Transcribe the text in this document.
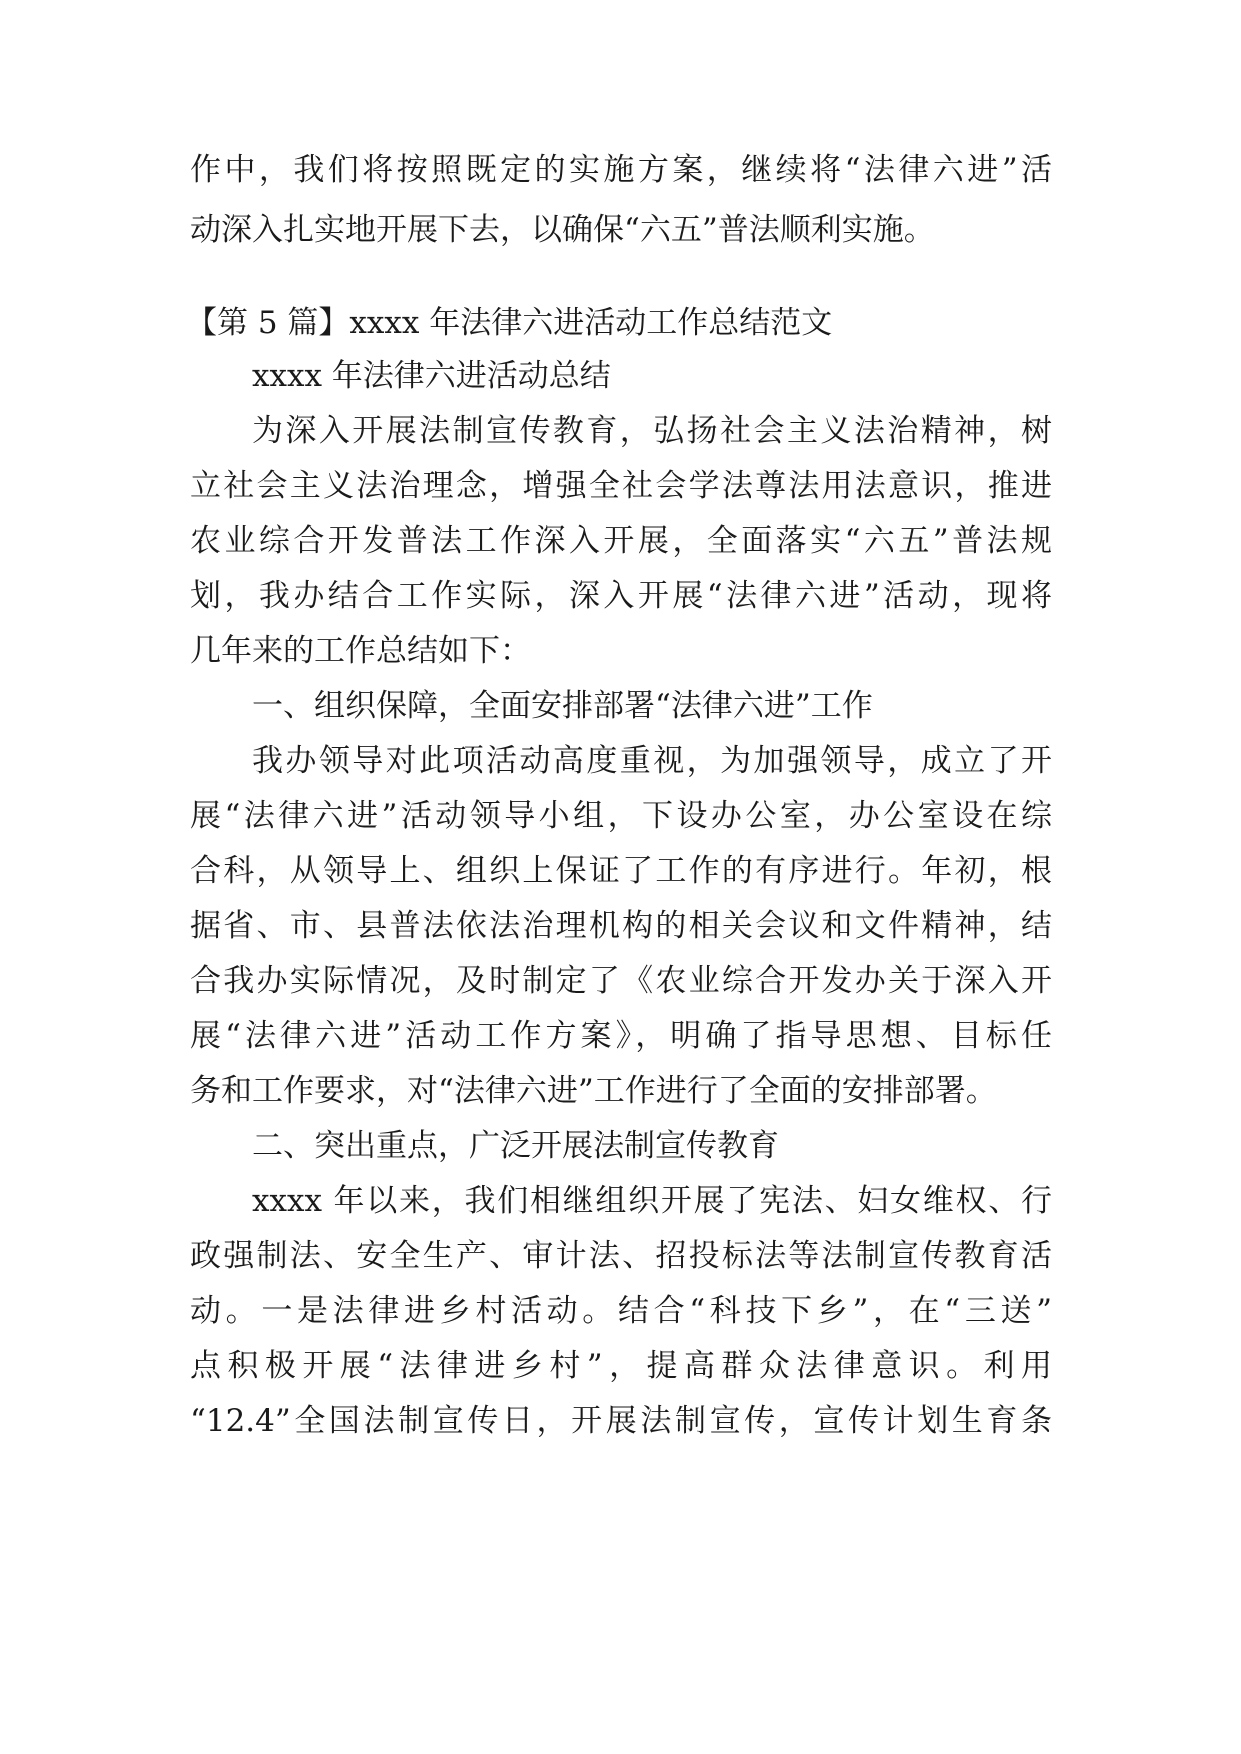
作中，我们将按照既定的实施方案，继续将“法律六进”活
动深入扎实地开展下去，以确保“六五”普法顺利实施。
【第 5 篇】xxxx 年法律六进活动工作总结范文
xxxx 年法律六进活动总结
为深入开展法制宣传教育，弘扬社会主义法治精神，树
立社会主义法治理念，增强全社会学法尊法用法意识，推进
农业综合开发普法工作深入开展，全面落实“六五”普法规
划，我办结合工作实际，深入开展“法律六进”活动，现将
几年来的工作总结如下：
一、组织保障，全面安排部署“法律六进”工作
我办领导对此项活动高度重视，为加强领导，成立了开
展“法律六进”活动领导小组，下设办公室，办公室设在综
合科，从领导上、组织上保证了工作的有序进行。年初，根
据省、市、县普法依法治理机构的相关会议和文件精神，结
合我办实际情况，及时制定了《农业综合开发办关于深入开
展“法律六进”活动工作方案》，明确了指导思想、目标任
务和工作要求，对“法律六进”工作进行了全面的安排部署。
二、突出重点，广泛开展法制宣传教育
xxxx 年以来，我们相继组织开展了宪法、妇女维权、行
政强制法、安全生产、审计法、招投标法等法制宣传教育活
动。一是法律进乡村活动。结合“科技下乡”，在“三送”
点积极开展“法律进乡村”，提高群众法律意识。利用
“12.4”全国法制宣传日，开展法制宣传，宣传计划生育条
